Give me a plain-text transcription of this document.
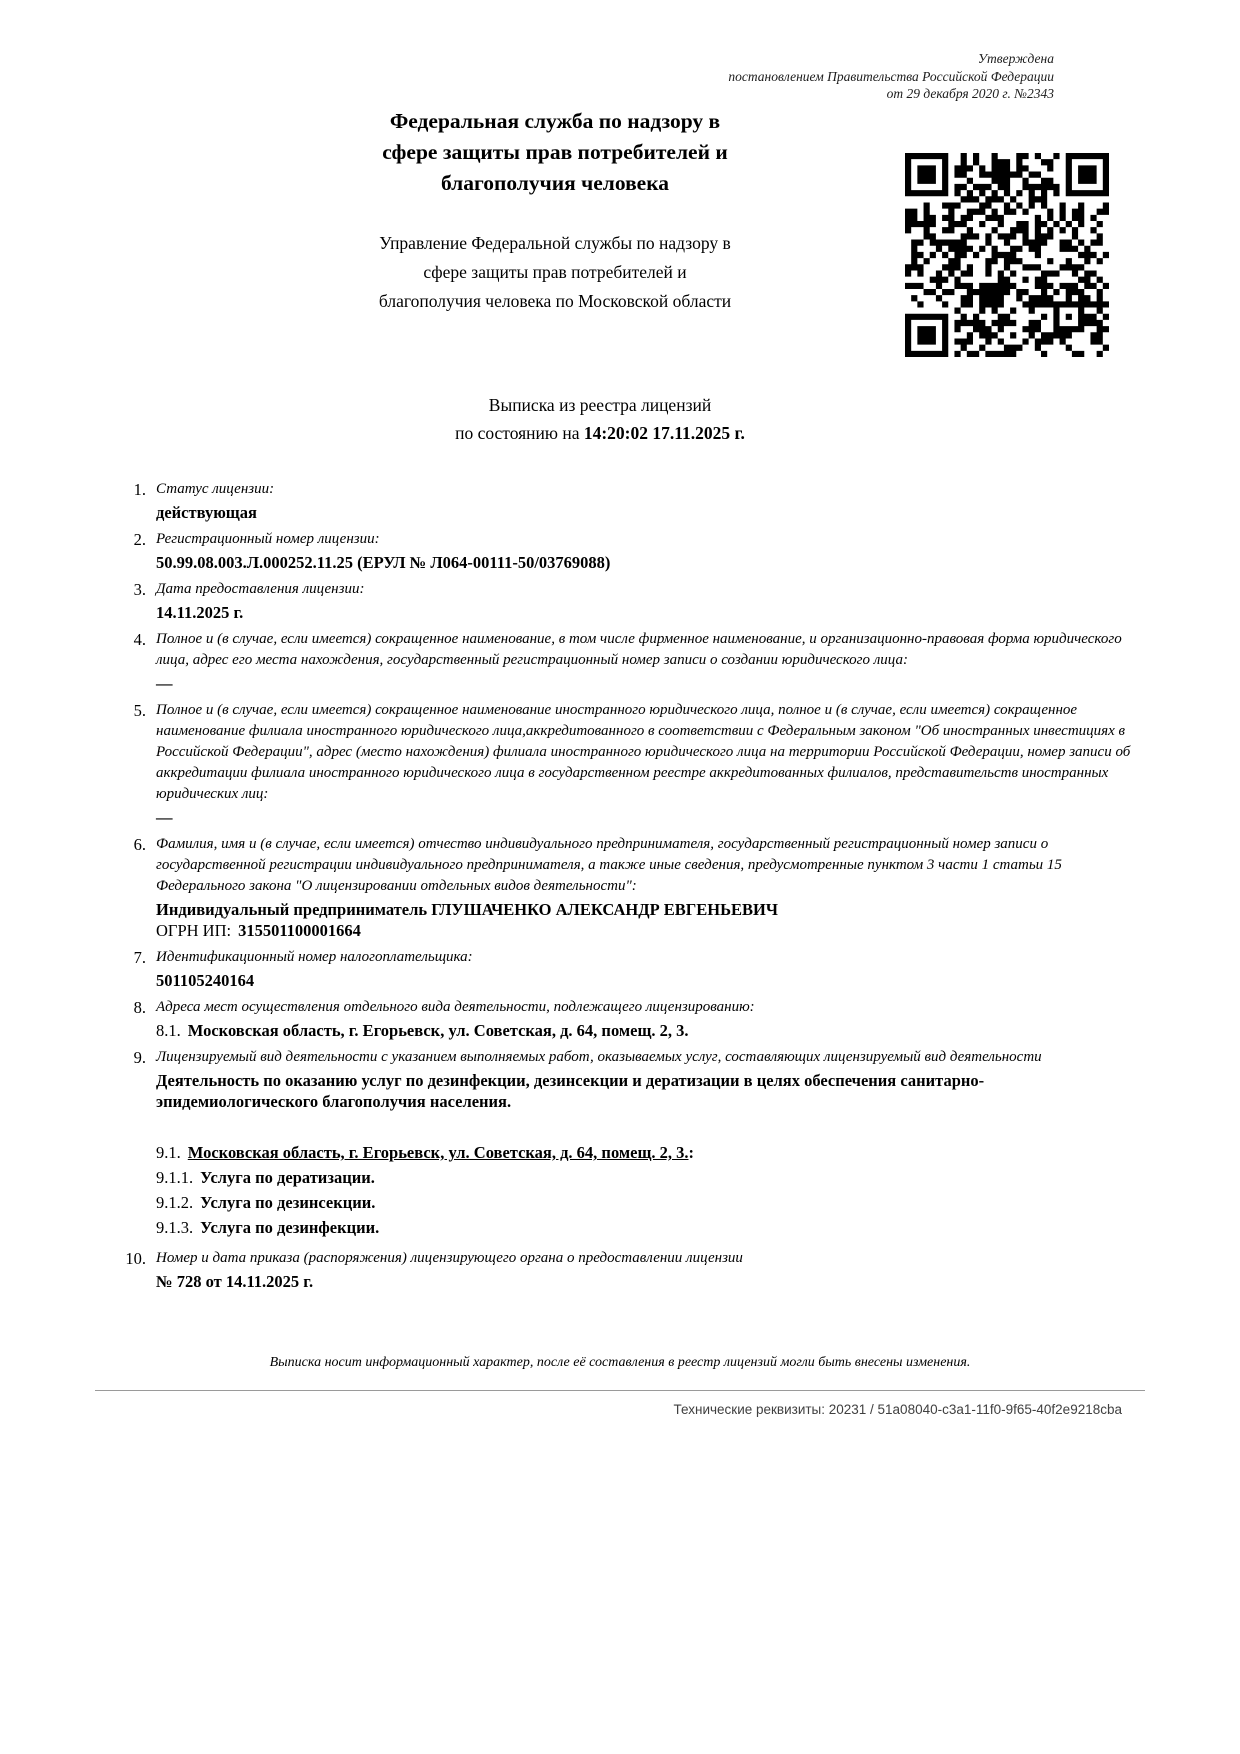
Утверждена
постановлением Правительства Российской Федерации
от 29 декабря 2020 г. №2343
Федеральная служба по надзору в
сфере защиты прав потребителей и
благополучия человека
Управление Федеральной службы по надзору в
сфере защиты прав потребителей и
благополучия человека по Московской области
Выписка из реестра лицензий
по состоянию на 14:20:02 17.11.2025 г.
1. Статус лицензии:
действующая
2. Регистрационный номер лицензии:
50.99.08.003.Л.000252.11.25 (ЕРУЛ № Л064-00111-50/03769088)
3. Дата предоставления лицензии:
14.11.2025 г.
4. Полное и (в случае, если имеется) сокращенное наименование, в том числе фирменное наименование, и организационно-правовая форма юридического лица, адрес его места нахождения, государственный регистрационный номер записи о создании юридического лица:
—
5. Полное и (в случае, если имеется) сокращенное наименование иностранного юридического лица, полное и (в случае, если имеется) сокращенное наименование филиала иностранного юридического лица,аккредитованного в соответствии с Федеральным законом "Об иностранных инвестициях в Российской Федерации", адрес (место нахождения) филиала иностранного юридического лица на территории Российской Федерации, номер записи об аккредитации филиала иностранного юридического лица в государственном реестре аккредитованных филиалов, представительств иностранных юридических лиц:
—
6. Фамилия, имя и (в случае, если имеется) отчество индивидуального предпринимателя, государственный регистрационный номер записи о государственной регистрации индивидуального предпринимателя, а также иные сведения, предусмотренные пунктом 3 части 1 статьи 15 Федерального закона "О лицензировании отдельных видов деятельности":
Индивидуальный предприниматель ГЛУШАЧЕНКО АЛЕКСАНДР ЕВГЕНЬЕВИЧ
ОГРН ИП: 315501100001664
7. Идентификационный номер налогоплательщика:
501105240164
8. Адреса мест осуществления отдельного вида деятельности, подлежащего лицензированию:
8.1. Московская область, г. Егорьевск, ул. Советская, д. 64, помещ. 2, 3.
9. Лицензируемый вид деятельности с указанием выполняемых работ, оказываемых услуг, составляющих лицензируемый вид деятельности
Деятельность по оказанию услуг по дезинфекции, дезинсекции и дератизации в целях обеспечения санитарно-эпидемиологического благополучия населения.
9.1. Московская область, г. Егорьевск, ул. Советская, д. 64, помещ. 2, 3.:
9.1.1. Услуга по дератизации.
9.1.2. Услуга по дезинсекции.
9.1.3. Услуга по дезинфекции.
10. Номер и дата приказа (распоряжения) лицензирующего органа о предоставлении лицензии
№ 728 от 14.11.2025 г.
Выписка носит информационный характер, после её составления в реестр лицензий могли быть внесены изменения.
Технические реквизиты: 20231 / 51a08040-c3a1-11f0-9f65-40f2e9218cba
